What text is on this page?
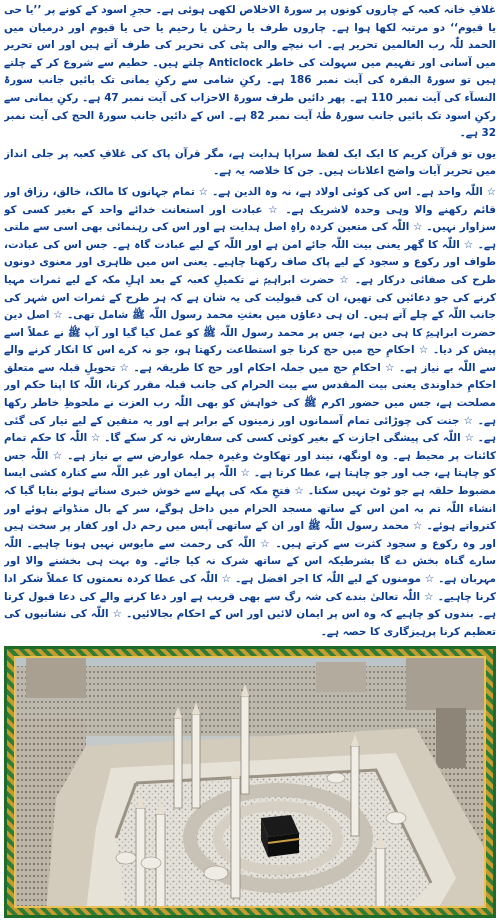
غلافِ خانہ کعبہ کے چاروں کونوں پر سورۃ الاخلاص لکھی ہوئی ہے۔ حجرِ اسود کے کونے پر ’’یا حی یا قیوم‘‘ دو مرتبہ لکھا ہوا ہے۔ چاروں طرف یا رحمٰن یا رحیم یا حی یا قیوم اور درمیان میں الحمد للّٰہ رب العالمین تحریر ہے۔ اب نیچے والی پٹی کی تحریر کی طرف آتے ہیں اور اس تحریر میں آسانی اور تفہیم میں سہولت کی خاطر Anticlock چلتے ہیں۔ حطیم سے شروع کر کے چلتے ہیں تو سورۃ البقرہ کی آیت نمبر 186 ہے۔ رکنِ شامی سے رکنِ یمانی تک بائیں جانب سورۃ النسآء کی آیت نمبر 110 ہے۔ پھر دائیں طرف سورۃ الاحزاب کی آیت نمبر 47 ہے۔ رکنِ یمانی سے رکنِ اسود تک بائیں جانب سورۂ طٰہٰ آیت نمبر 82 ہے۔ اس کے دائیں جانب سورۃ الحج کی آیت نمبر 32 ہے۔

یوں تو قرآن کریم کا ایک ایک لفظ سراپا ہدایت ہے، مگر قرآن پاک کی غلافِ کعبہ پر جلی انداز میں تحریر آیات واضح اعلانات ہیں۔ جن کا خلاصہ یہ ہے۔

☆ اللّٰہ واحد ہے۔ اس کی کوئی اولاد ہے، نہ وہ الدین ہے۔ ☆ تمام جہانوں کا مالک، خالق، رزاق اور قائم رکھنے والا وہی وحدہ لاشریک ہے۔ ☆ عبادت اور استعانت خدائے واحد کے بغیر کسی کو سزاوار نہیں۔ ☆ اللّٰہ کی متعین کردہ راہِ اصل ہدایت ہے اور اس کی رہنمائی بھی اسی سے ملتی ہے۔ ☆ اللّٰہ کا گھر یعنی بیت اللّٰہ جائے امن ہے اور اللّٰہ کے لیے عبادت گاہ ہے۔ جس اس کی عبادت، طواف اور رکوع و سجود کے لیے پاک صاف رکھنا چاہیے۔ یعنی اس میں ظاہری اور معنوی دونوں طرح کی صفائی درکار ہے۔ ☆ حضرت ابراہیمؑ نے تکمیلِ کعبہ کے بعد اہلِ مکہ کے لیے ثمرات مہیا کرنے کی جو دعائیں کی تھیں، ان کی قبولیت کی یہ شان ہے کہ ہر طرح کے ثمرات اس شہر کی جانب اللّٰہ کے چلے آتے ہیں۔ ان ہی دعاؤں میں بعثتِ محمد رسول اللّٰہ ﷺ شامل تھی۔ ☆ اصل دین حضرت ابراہیمؑ کا ہی دین ہے، جس پر محمد رسول اللّٰہ ﷺ کو عمل کیا گیا اور آپ ﷺ نے عملاً اسے پیش کر دیا۔ ☆ احکامِ حج میں حج کرنا جو استطاعت رکھتا ہو، جو نہ کرے اس کا انکار کرنے والے سے اللّٰہ بے نیاز ہے۔ ☆ احکامِ حج میں جملہ احکام اور حج کا طریقہ ہے۔ ☆ تحویلِ قبلہ سے متعلق احکامِ خداوندی یعنی بیت المقدس سے بیت الحرام کی جانب قبلہ مقرر کرنا، اللّٰہ کا اپنا حکم اور مصلحت ہے، جس میں حضور اکرم ﷺ کی خواہش کو بھی اللّٰہ رب العزت نے ملحوظِ خاطر رکھا ہے۔ ☆ جنت کی چوڑائی تمام آسمانوں اور زمینوں کے برابر ہے اور یہ متقین کے لیے تیار کی گئی ہے۔ ☆ اللّٰہ کی پیشگی اجازت کے بغیر کوئی کسی کی سفارش نہ کر سکے گا۔ ☆ اللّٰہ کا حکم تمام کائنات پر محیط ہے۔ وہ اونگھ، نیند اور تھکاوٹ وغیرہ جملہ عوارض سے بے نیاز ہے۔ ☆ اللّٰہ جس کو چاہتا ہے، جب اور جو چاہتا ہے، عطا کرتا ہے۔ ☆ اللّٰہ پر ایمان اور غیر اللّٰہ سے کنارہ کشی ایسا مضبوط حلقہ ہے جو ٹوٹ نہیں سکتا۔ ☆ فتحِ مکہ کی پہلے سے خوش خبری سناتے ہوئے بتایا گیا کہ انشاء اللّٰہ تم بہ امن اس کے ساتھ مسجد الحرام میں داخل ہوگے، سر کے بال منڈواتے ہوئے اور کترواتے ہوئے۔ ☆ محمد رسول اللّٰہ ﷺ اور ان کے ساتھی آپس میں رحم دل اور کفار پر سخت ہیں اور وہ رکوع و سجود کثرت سے کرتے ہیں۔ ☆ اللّٰہ کی رحمت سے مایوس نہیں ہونا چاہیے۔ اللّٰہ سارے گناہ بخش دے گا بشرطیکہ اس کے ساتھ شرک نہ کیا جائے۔ وہ بہت ہی بخشنے والا اور مہربان ہے۔ ☆ مومنوں کے لیے اللّٰہ کا اجر افضل ہے۔ ☆ اللّٰہ کی عطا کردہ نعمتوں کا عملاً شکر ادا کرنا چاہیے۔ ☆ اللّٰہ تعالیٰ بندے کی شہ رگ سے بھی قریب ہے اور دعا کرنے والے کی دعا قبول کرتا ہے۔ بندوں کو چاہیے کہ وہ اس پر ایمان لائیں اور اس کے احکام بجالائیں۔ ☆ اللّٰہ کی نشانیوں کی تعظیم کرنا پرہیزگاری کا حصہ ہے۔
